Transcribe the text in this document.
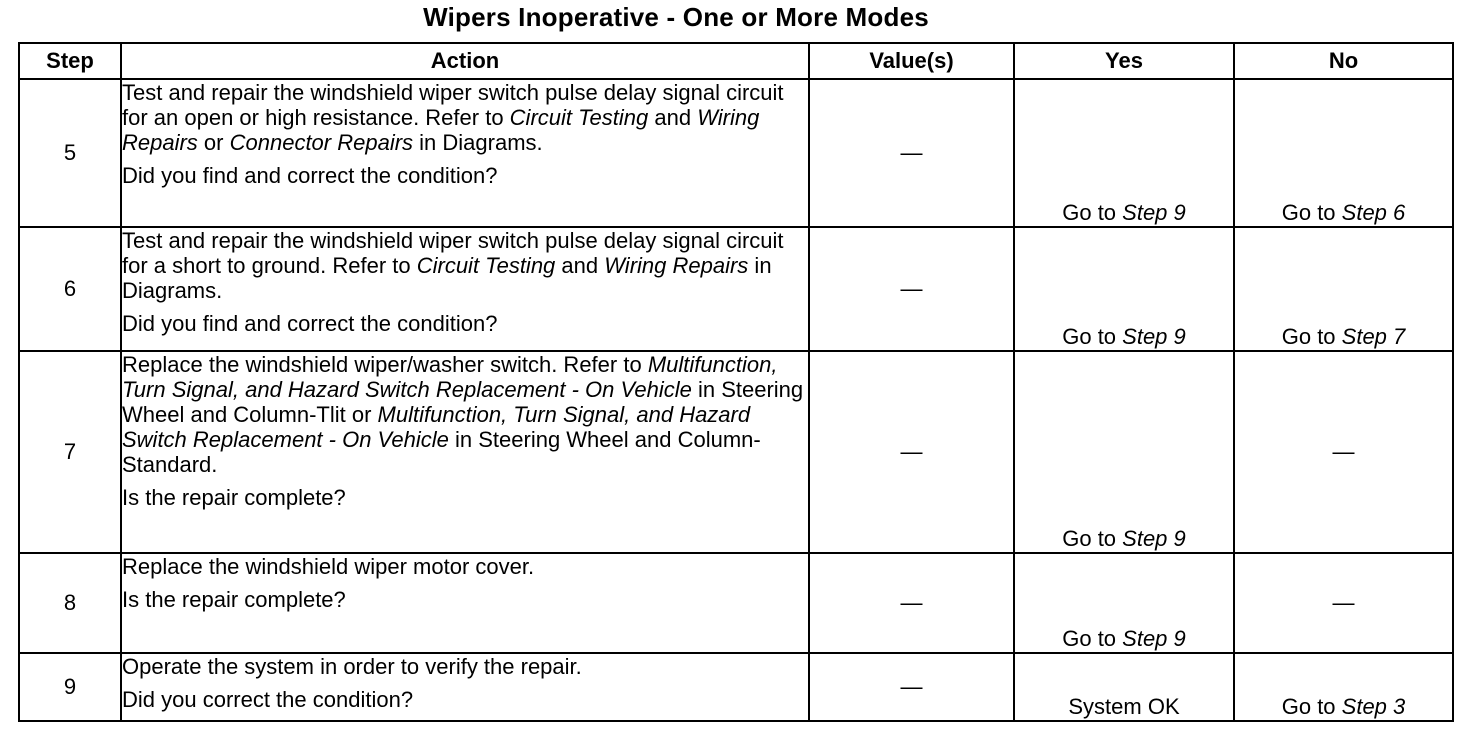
Wipers Inoperative - One or More Modes
Step	Action	Value(s)	Yes	No
5	Test and repair the windshield wiper switch pulse delay signal circuit for an open or high resistance. Refer to Circuit Testing and Wiring Repairs or Connector Repairs in Diagrams.
Did you find and correct the condition?	—	Go to Step 9	Go to Step 6
6	Test and repair the windshield wiper switch pulse delay signal circuit for a short to ground. Refer to Circuit Testing and Wiring Repairs in Diagrams.
Did you find and correct the condition?	—	Go to Step 9	Go to Step 7
7	Replace the windshield wiper/washer switch. Refer to Multifunction, Turn Signal, and Hazard Switch Replacement - On Vehicle in Steering Wheel and Column-Tlit or Multifunction, Turn Signal, and Hazard Switch Replacement - On Vehicle in Steering Wheel and Column-Standard.
Is the repair complete?	—	Go to Step 9	—
8	Replace the windshield wiper motor cover.
Is the repair complete?	—	Go to Step 9	—
9	Operate the system in order to verify the repair.
Did you correct the condition?	—	System OK	Go to Step 3
